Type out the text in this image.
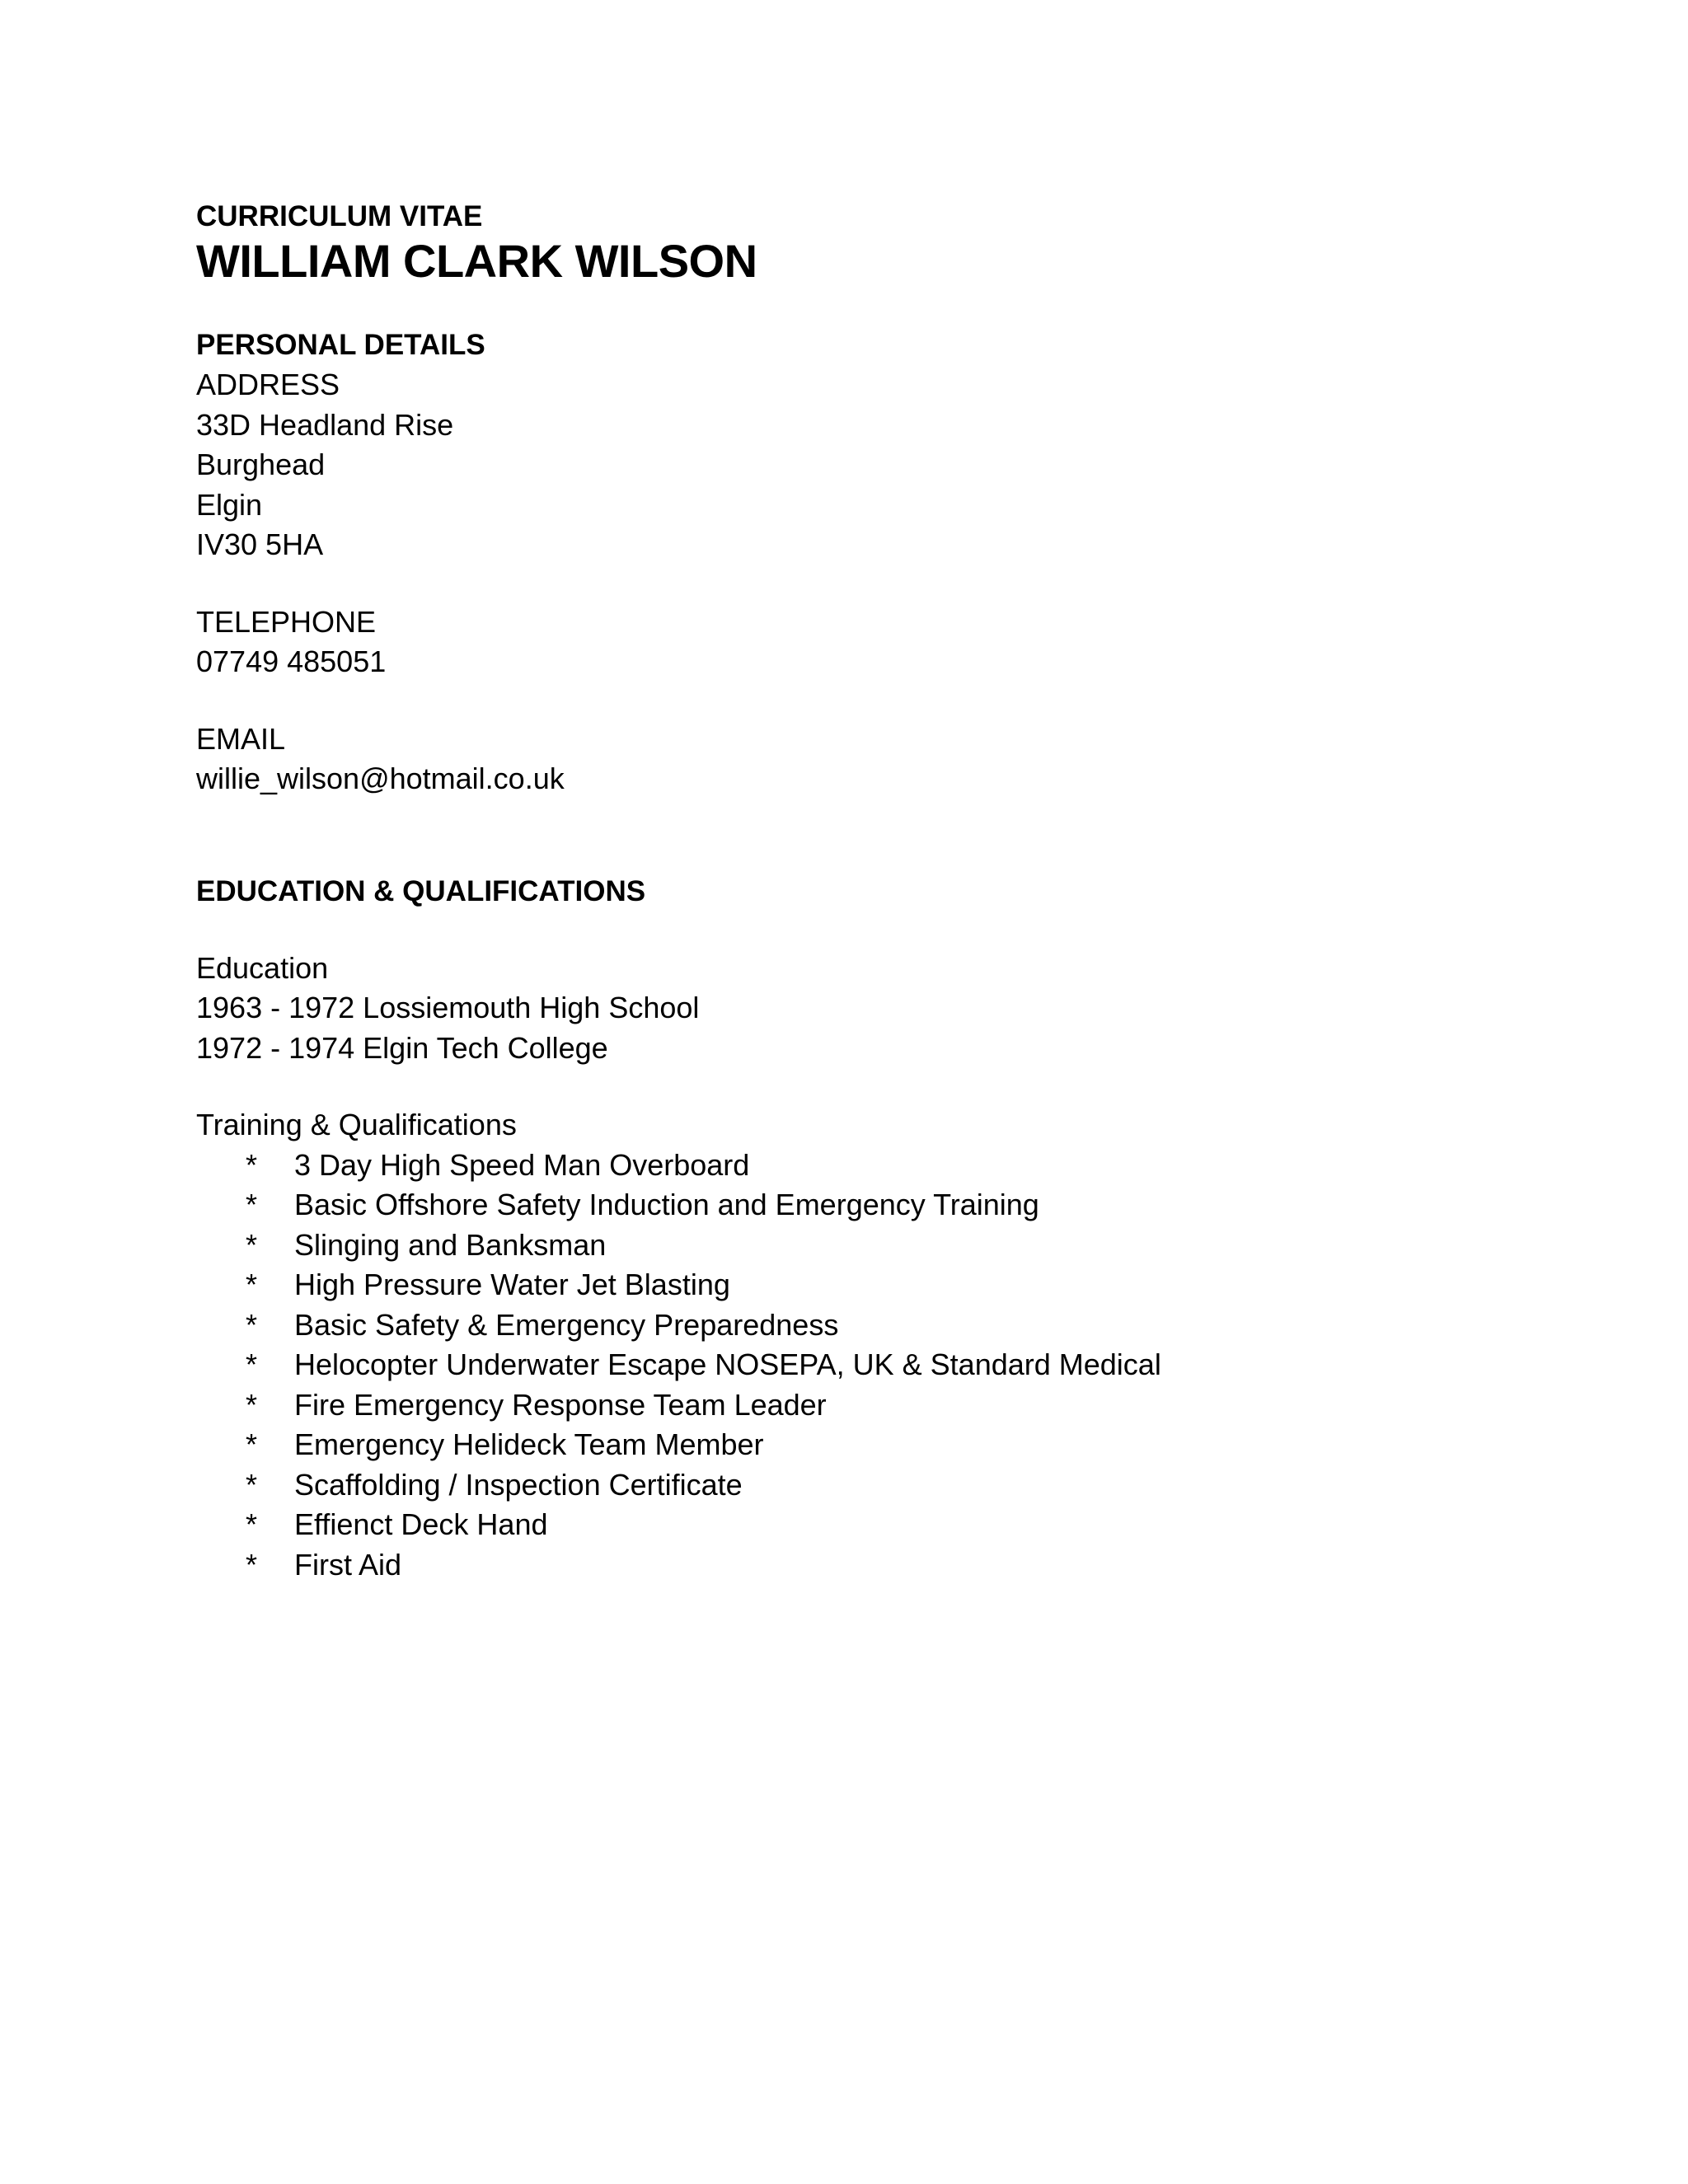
CURRICULUM VITAE
WILLIAM CLARK WILSON
PERSONAL DETAILS
ADDRESS
33D Headland Rise
Burghead
Elgin
IV30 5HA
TELEPHONE
07749 485051
EMAIL
willie_wilson@hotmail.co.uk
EDUCATION & QUALIFICATIONS
Education
1963 - 1972 Lossiemouth High School
1972 - 1974 Elgin Tech College
Training & Qualifications
* 3 Day High Speed Man Overboard
* Basic Offshore Safety Induction and Emergency Training
* Slinging and Banksman
* High Pressure Water Jet Blasting
* Basic Safety & Emergency Preparedness
* Helocopter Underwater Escape NOSEPA, UK & Standard Medical
* Fire Emergency Response Team Leader
* Emergency Helideck Team Member
* Scaffolding / Inspection Certificate
* Effienct Deck Hand
* First Aid
